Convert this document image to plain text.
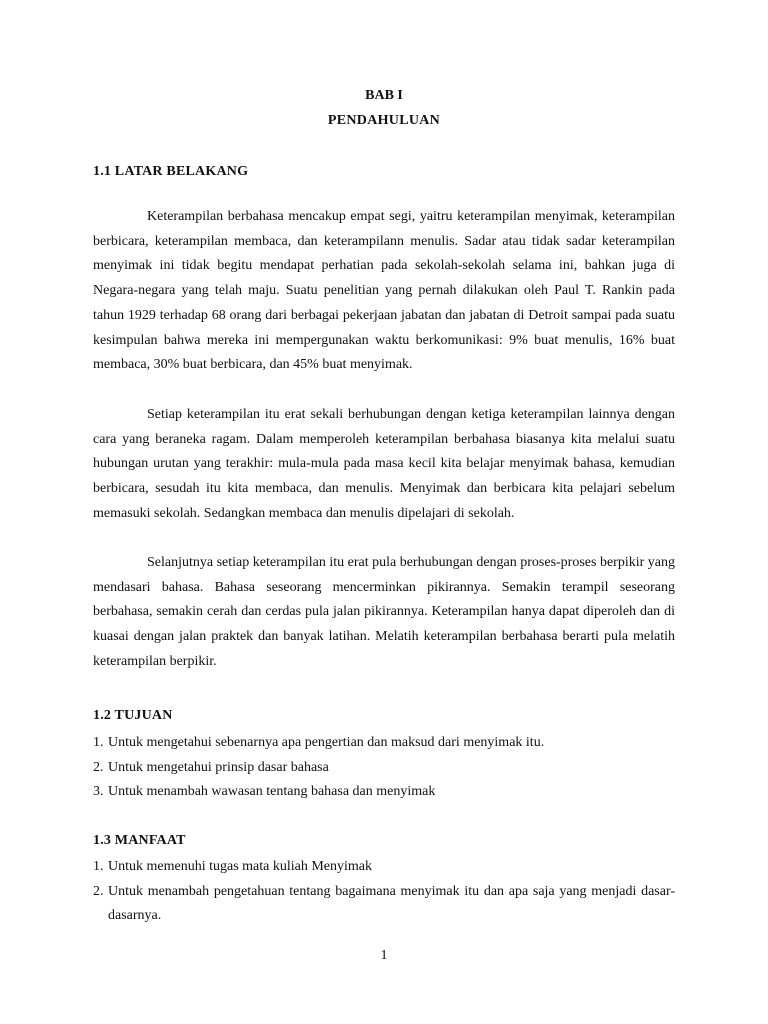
BAB I
PENDAHULUAN
1.1 LATAR BELAKANG

Keterampilan berbahasa mencakup empat segi, yaitru keterampilan menyimak, keterampilan berbicara, keterampilan membaca, dan keterampilann menulis. Sadar atau tidak sadar keterampilan menyimak ini tidak begitu mendapat perhatian pada sekolah-sekolah selama ini, bahkan juga di Negara-negara yang telah maju. Suatu penelitian yang pernah dilakukan oleh Paul T. Rankin pada tahun 1929 terhadap 68 orang dari berbagai pekerjaan jabatan dan jabatan di Detroit sampai pada suatu kesimpulan bahwa mereka ini mempergunakan waktu berkomunikasi: 9% buat menulis, 16% buat membaca, 30% buat berbicara, dan 45% buat menyimak.

Setiap keterampilan itu erat sekali berhubungan dengan ketiga keterampilan lainnya dengan cara yang beraneka ragam. Dalam memperoleh keterampilan berbahasa biasanya kita melalui suatu hubungan urutan yang terakhir: mula-mula pada masa kecil kita belajar menyimak bahasa, kemudian berbicara, sesudah itu kita membaca, dan menulis. Menyimak dan berbicara kita pelajari sebelum memasuki sekolah. Sedangkan membaca dan menulis dipelajari di sekolah.

Selanjutnya setiap keterampilan itu erat pula berhubungan dengan proses-proses berpikir yang mendasari bahasa. Bahasa seseorang mencerminkan pikirannya. Semakin terampil seseorang berbahasa, semakin cerah dan cerdas pula jalan pikirannya. Keterampilan hanya dapat diperoleh dan di kuasai dengan jalan praktek dan banyak latihan. Melatih keterampilan berbahasa berarti pula melatih keterampilan berpikir.

1.2 TUJUAN
1. Untuk mengetahui sebenarnya apa pengertian dan maksud dari menyimak itu.
2. Untuk mengetahui prinsip dasar bahasa
3. Untuk menambah wawasan tentang bahasa dan menyimak
1.3 MANFAAT
1. Untuk memenuhi tugas mata kuliah Menyimak
2. Untuk menambah pengetahuan tentang bagaimana menyimak itu dan apa saja yang menjadi dasar-dasarnya.
1
